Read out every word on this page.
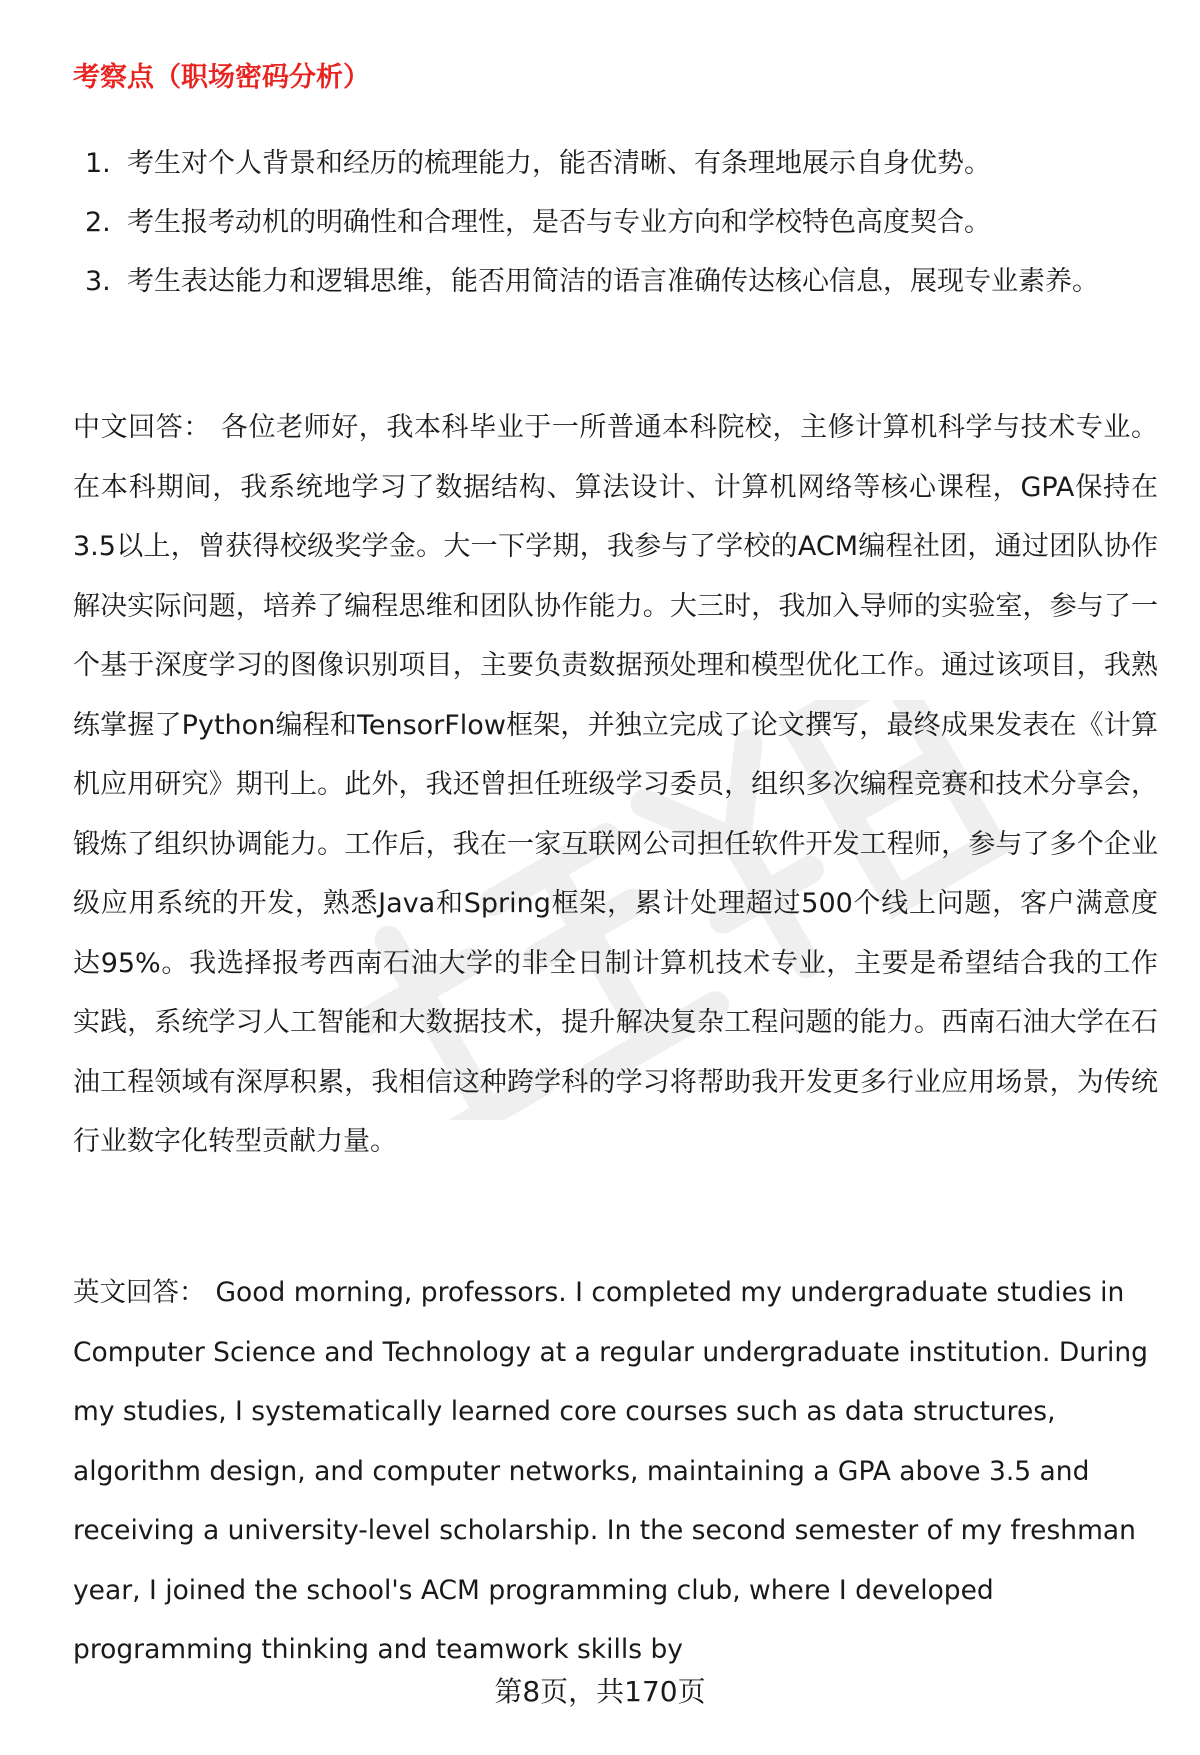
考察点（职场密码分析）
1. 考生对个人背景和经历的梳理能力，能否清晰、有条理地展示自身优势。
2. 考生报考动机的明确性和合理性，是否与专业方向和学校特色高度契合。
3. 考生表达能力和逻辑思维，能否用简洁的语言准确传达核心信息，展现专业素养。

中文回答： 各位老师好，我本科毕业于一所普通本科院校，主修计算机科学与技术专业。在本科期间，我系统地学习了数据结构、算法设计、计算机网络等核心课程，GPA保持在3.5以上，曾获得校级奖学金。大一下学期，我参与了学校的ACM编程社团，通过团队协作解决实际问题，培养了编程思维和团队协作能力。大三时，我加入导师的实验室，参与了一个基于深度学习的图像识别项目，主要负责数据预处理和模型优化工作。通过该项目，我熟练掌握了Python编程和TensorFlow框架，并独立完成了论文撰写，最终成果发表在《计算机应用研究》期刊上。此外，我还曾担任班级学习委员，组织多次编程竞赛和技术分享会，锻炼了组织协调能力。工作后，我在一家互联网公司担任软件开发工程师，参与了多个企业级应用系统的开发，熟悉Java和Spring框架，累计处理超过500个线上问题，客户满意度达95%。我选择报考西南石油大学的非全日制计算机技术专业，主要是希望结合我的工作实践，系统学习人工智能和大数据技术，提升解决复杂工程问题的能力。西南石油大学在石油工程领域有深厚积累，我相信这种跨学科的学习将帮助我开发更多行业应用场景，为传统行业数字化转型贡献力量。

英文回答： Good morning, professors. I completed my undergraduate studies in Computer Science and Technology at a regular undergraduate institution. During my studies, I systematically learned core courses such as data structures, algorithm design, and computer networks, maintaining a GPA above 3.5 and receiving a university-level scholarship. In the second semester of my freshman year, I joined the school's ACM programming club, where I developed programming thinking and teamwork skills by

第8页，共170页
